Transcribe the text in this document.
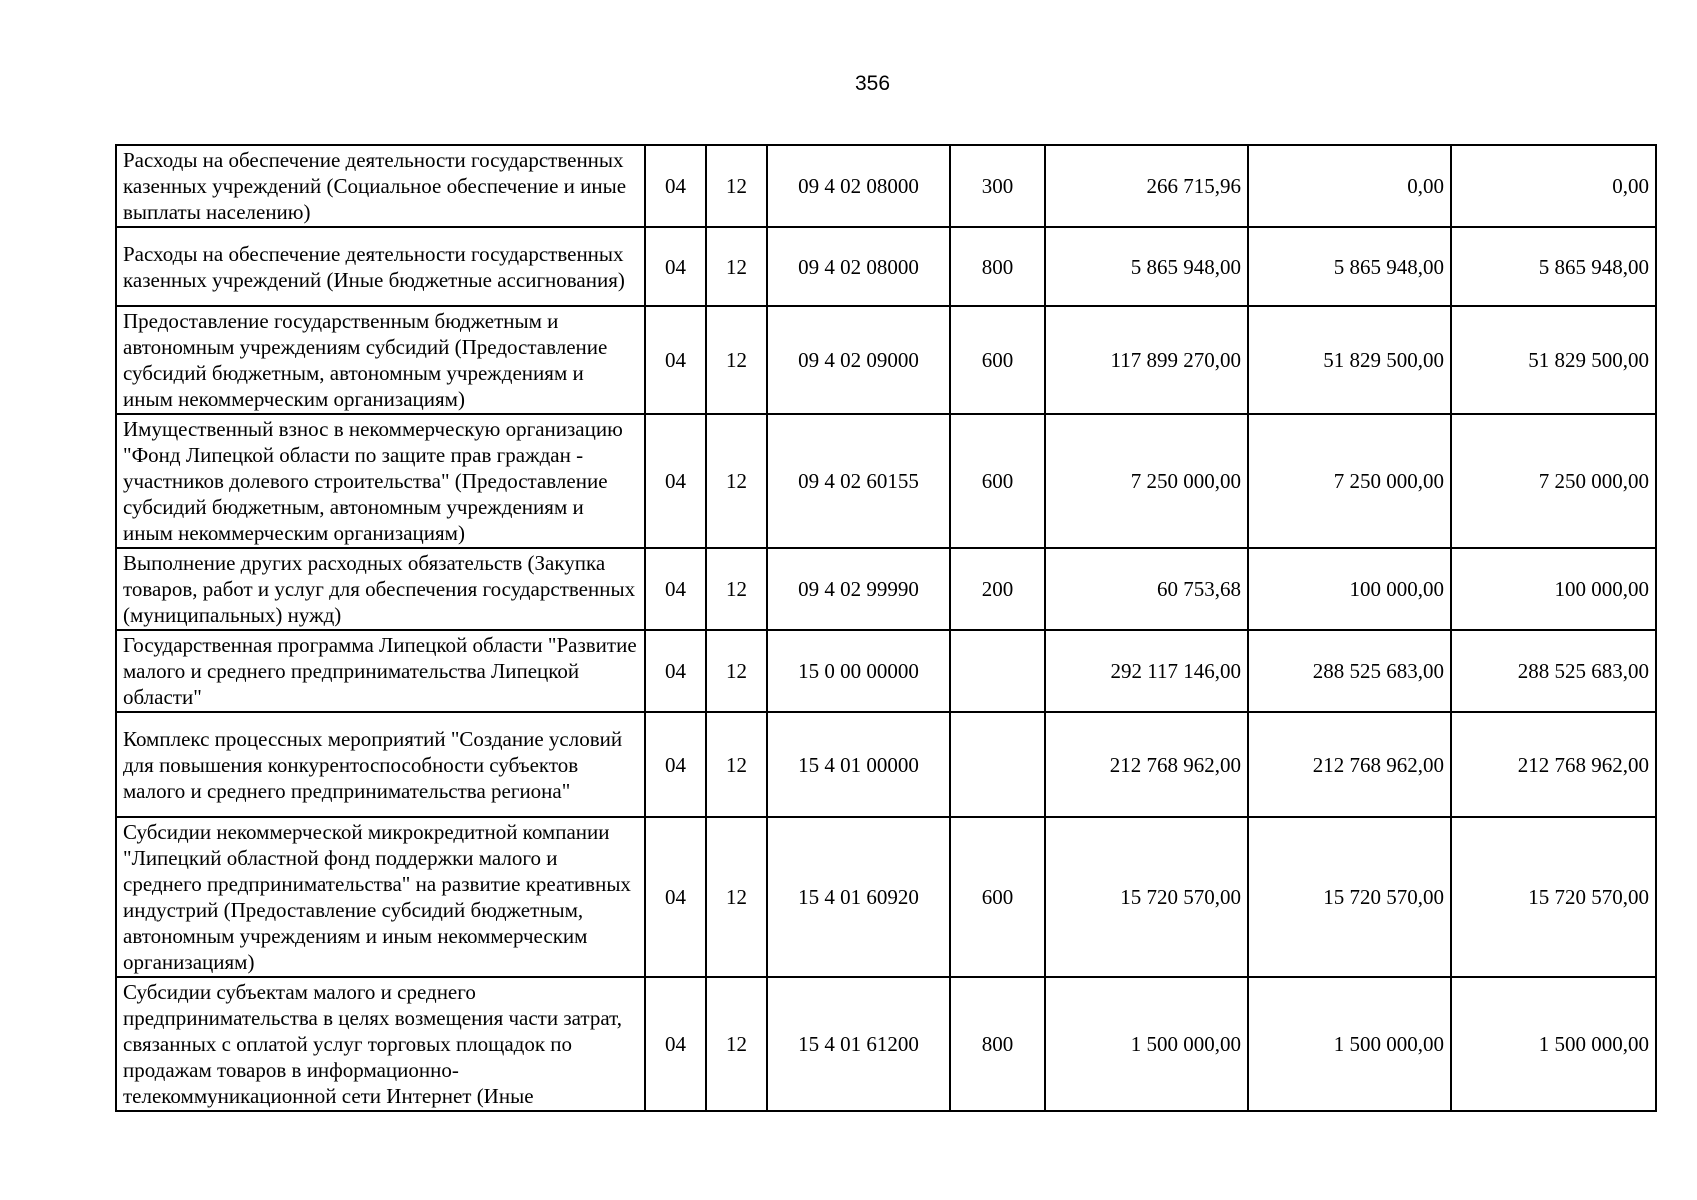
356
Расходы на обеспечение деятельности государственных казенных учреждений (Социальное обеспечение и иные выплаты населению)	04	12	09 4 02 08000	300	266 715,96	0,00	0,00
Расходы на обеспечение деятельности государственных казенных учреждений (Иные бюджетные ассигнования)	04	12	09 4 02 08000	800	5 865 948,00	5 865 948,00	5 865 948,00
Предоставление государственным бюджетным и автономным учреждениям субсидий (Предоставление субсидий бюджетным, автономным учреждениям и иным некоммерческим организациям)	04	12	09 4 02 09000	600	117 899 270,00	51 829 500,00	51 829 500,00
Имущественный взнос в некоммерческую организацию "Фонд Липецкой области по защите прав граждан - участников долевого строительства" (Предоставление субсидий бюджетным, автономным учреждениям и иным некоммерческим организациям)	04	12	09 4 02 60155	600	7 250 000,00	7 250 000,00	7 250 000,00
Выполнение других расходных обязательств (Закупка товаров, работ и услуг для обеспечения государственных (муниципальных) нужд)	04	12	09 4 02 99990	200	60 753,68	100 000,00	100 000,00
Государственная программа Липецкой области "Развитие малого и среднего предпринимательства Липецкой области"	04	12	15 0 00 00000		292 117 146,00	288 525 683,00	288 525 683,00
Комплекс процессных мероприятий "Создание условий для повышения конкурентоспособности субъектов малого и среднего предпринимательства региона"	04	12	15 4 01 00000		212 768 962,00	212 768 962,00	212 768 962,00
Субсидии некоммерческой микрокредитной компании "Липецкий областной фонд поддержки малого и среднего предпринимательства" на развитие креативных индустрий (Предоставление субсидий бюджетным, автономным учреждениям и иным некоммерческим организациям)	04	12	15 4 01 60920	600	15 720 570,00	15 720 570,00	15 720 570,00
Субсидии субъектам малого и среднего предпринимательства в целях возмещения части затрат, связанных с оплатой услуг торговых площадок по продажам товаров в информационно-телекоммуникационной сети Интернет (Иные	04	12	15 4 01 61200	800	1 500 000,00	1 500 000,00	1 500 000,00
